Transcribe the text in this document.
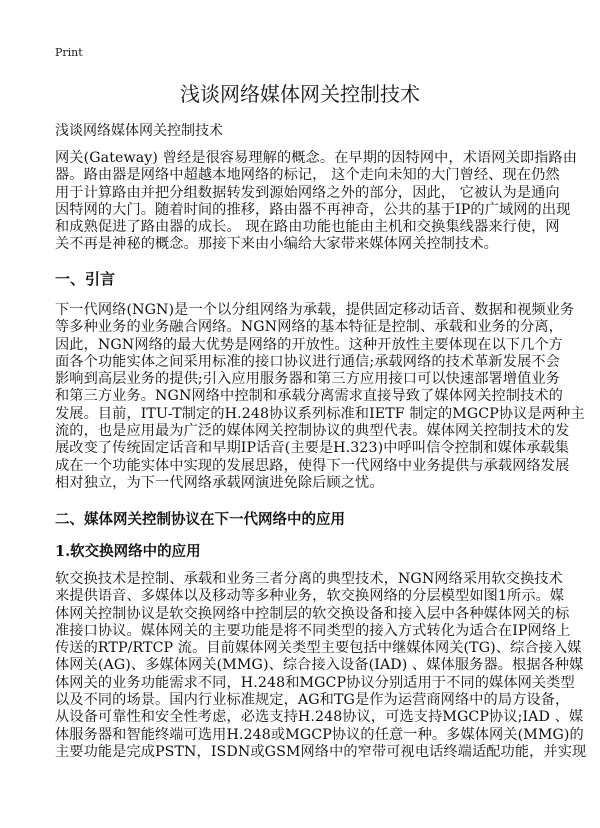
Print
浅谈网络媒体网关控制技术
浅谈网络媒体网关控制技术
网关(Gateway) 曾经是很容易理解的概念。在早期的因特网中，术语网关即指路由
器。路由器是网络中超越本地网络的标记， 这个走向未知的大门曾经、现在仍然
用于计算路由并把分组数据转发到源始网络之外的部分，因此， 它被认为是通向
因特网的大门。随着时间的推移，路由器不再神奇，公共的基于IP的广域网的出现
和成熟促进了路由器的成长。 现在路由功能也能由主机和交换集线器来行使，网
关不再是神秘的概念。那接下来由小编给大家带来媒体网关控制技术。
一、引言
下一代网络(NGN)是一个以分组网络为承载，提供固定移动话音、数据和视频业务
等多种业务的业务融合网络。NGN网络的基本特征是控制、承载和业务的分离，
因此，NGN网络的最大优势是网络的开放性。这种开放性主要体现在以下几个方
面各个功能实体之间采用标准的接口协议进行通信;承载网络的技术革新发展不会
影响到高层业务的提供;引入应用服务器和第三方应用接口可以快速部署增值业务
和第三方业务。NGN网络中控制和承载分离需求直接导致了媒体网关控制技术的
发展。目前，ITU-T制定的H.248协议系列标准和IETF 制定的MGCP协议是两种主
流的，也是应用最为广泛的媒体网关控制协议的典型代表。媒体网关控制技术的发
展改变了传统固定话音和早期IP话音(主要是H.323)中呼叫信令控制和媒体承载集
成在一个功能实体中实现的发展思路，使得下一代网络中业务提供与承载网络发展
相对独立，为下一代网络承载网演进免除后顾之忧。
二、媒体网关控制协议在下一代网络中的应用
1.软交换网络中的应用
软交换技术是控制、承载和业务三者分离的典型技术，NGN网络采用软交换技术
来提供语音、多媒体以及移动等多种业务，软交换网络的分层模型如图1所示。媒
体网关控制协议是软交换网络中控制层的软交换设备和接入层中各种媒体网关的标
准接口协议。媒体网关的主要功能是将不同类型的接入方式转化为适合在IP网络上
传送的RTP/RTCP 流。目前媒体网关类型主要包括中继媒体网关(TG)、综合接入媒
体网关(AG)、多媒体网关(MMG)、综合接入设备(IAD) 、媒体服务器。根据各种媒
体网关的业务功能需求不同，H.248和MGCP协议分别适用于不同的媒体网关类型
以及不同的场景。国内行业标准规定，AG和TG是作为运营商网络中的局方设备，
从设备可靠性和安全性考虑，必选支持H.248协议，可选支持MGCP协议;IAD 、媒
体服务器和智能终端可选用H.248或MGCP协议的任意一种。多媒体网关(MMG)的
主要功能是完成PSTN，ISDN或GSM网络中的窄带可视电话终端适配功能，并实现
